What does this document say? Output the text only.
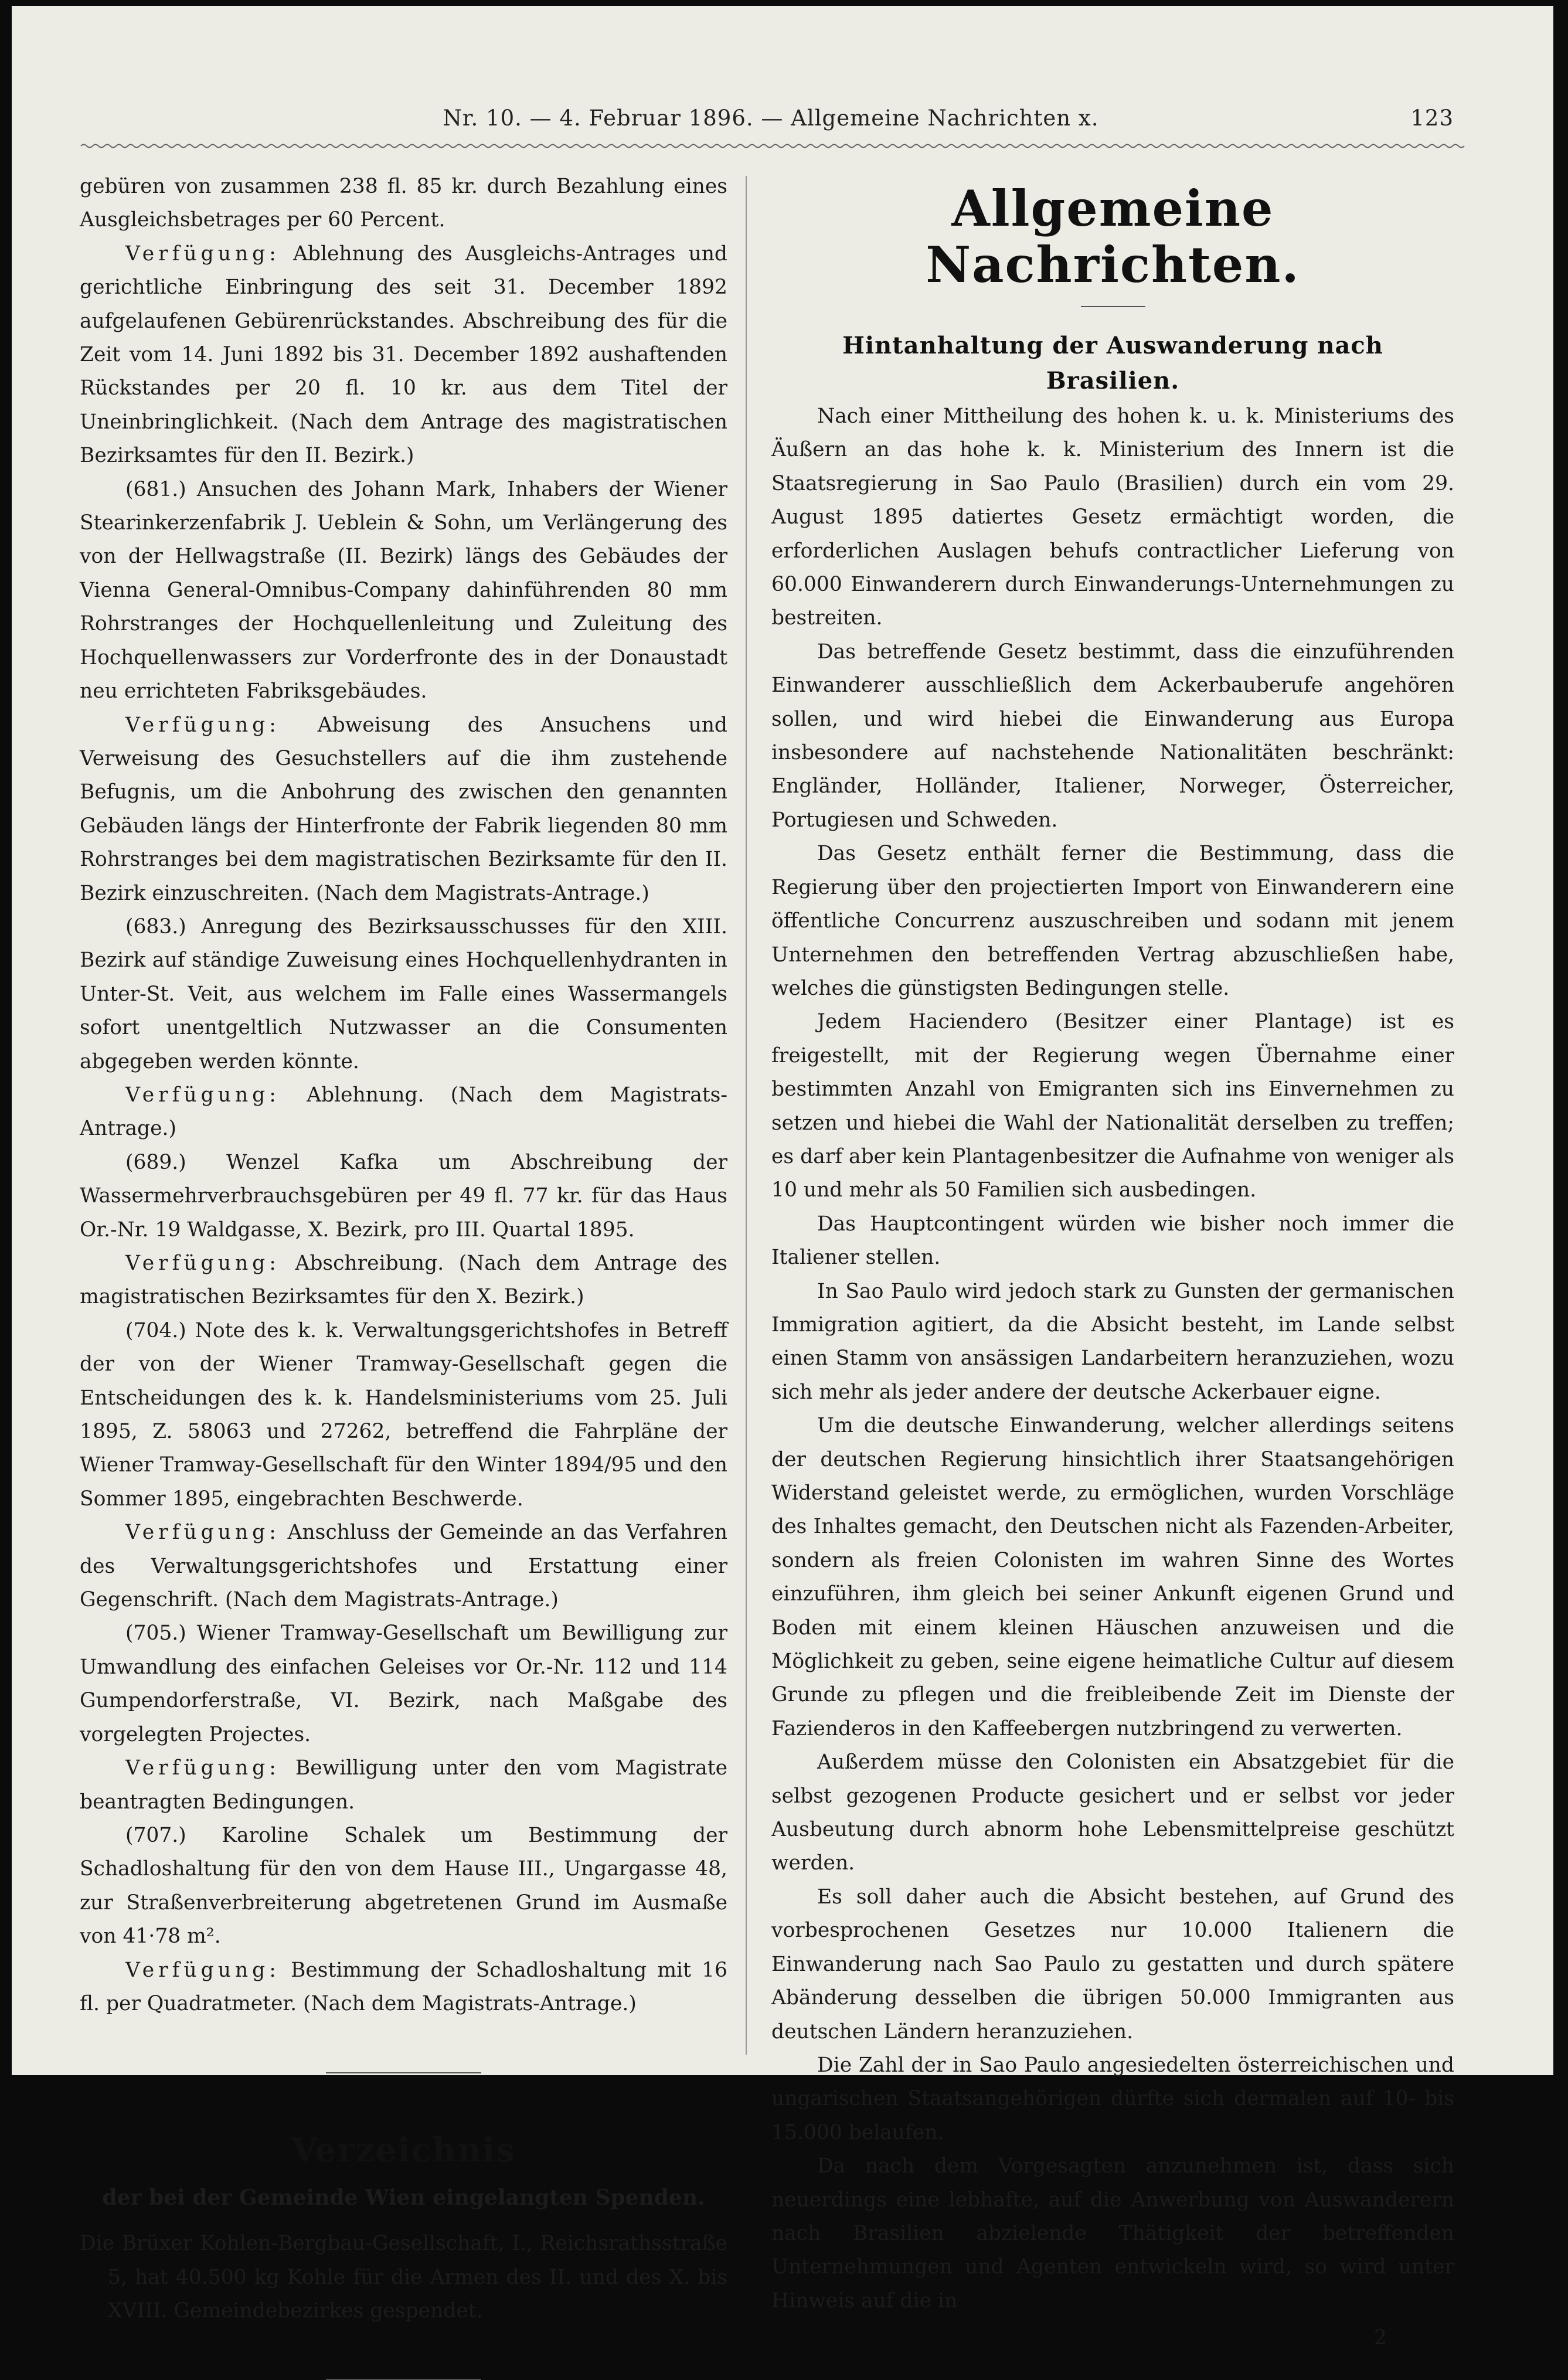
Nr. 10. — 4. Februar 1896. — Allgemeine Nachrichten x.	123

gebüren von zusammen 238 fl. 85 kr. durch Bezahlung eines Ausgleichsbetrages per 60 Percent.

Verfügung: Ablehnung des Ausgleichs-Antrages und gerichtliche Einbringung des seit 31. December 1892 aufgelaufenen Gebürenrückstandes. Abschreibung des für die Zeit vom 14. Juni 1892 bis 31. December 1892 aushaftenden Rückstandes per 20 fl. 10 kr. aus dem Titel der Uneinbringlichkeit. (Nach dem Antrage des magistratischen Bezirksamtes für den II. Bezirk.)

(681.) Ansuchen des Johann Mark, Inhabers der Wiener Stearinkerzenfabrik J. Ueblein & Sohn, um Verlängerung des von der Hellwagstraße (II. Bezirk) längs des Gebäudes der Vienna General-Omnibus-Company dahinführenden 80 mm Rohrstranges der Hochquellenleitung und Zuleitung des Hochquellenwassers zur Vorderfronte des in der Donaustadt neu errichteten Fabriksgebäudes.

Verfügung: Abweisung des Ansuchens und Verweisung des Gesuchstellers auf die ihm zustehende Befugnis, um die Anbohrung des zwischen den genannten Gebäuden längs der Hinterfronte der Fabrik liegenden 80 mm Rohrstranges bei dem magistratischen Bezirksamte für den II. Bezirk einzuschreiten. (Nach dem Magistrats-Antrage.)

(683.) Anregung des Bezirksausschusses für den XIII. Bezirk auf ständige Zuweisung eines Hochquellenhydranten in Unter-St. Veit, aus welchem im Falle eines Wassermangels sofort unentgeltlich Nutzwasser an die Consumenten abgegeben werden könnte.

Verfügung: Ablehnung. (Nach dem Magistrats-Antrage.)

(689.) Wenzel Kafka um Abschreibung der Wassermehrverbrauchsgebüren per 49 fl. 77 kr. für das Haus Or.-Nr. 19 Waldgasse, X. Bezirk, pro III. Quartal 1895.

Verfügung: Abschreibung. (Nach dem Antrage des magistratischen Bezirksamtes für den X. Bezirk.)

(704.) Note des k. k. Verwaltungsgerichtshofes in Betreff der von der Wiener Tramway-Gesellschaft gegen die Entscheidungen des k. k. Handelsministeriums vom 25. Juli 1895, Z. 58063 und 27262, betreffend die Fahrpläne der Wiener Tramway-Gesellschaft für den Winter 1894/95 und den Sommer 1895, eingebrachten Beschwerde.

Verfügung: Anschluss der Gemeinde an das Verfahren des Verwaltungsgerichtshofes und Erstattung einer Gegenschrift. (Nach dem Magistrats-Antrage.)

(705.) Wiener Tramway-Gesellschaft um Bewilligung zur Umwandlung des einfachen Geleises vor Or.-Nr. 112 und 114 Gumpendorferstraße, VI. Bezirk, nach Maßgabe des vorgelegten Projectes.

Verfügung: Bewilligung unter den vom Magistrate beantragten Bedingungen.

(707.) Karoline Schalek um Bestimmung der Schadloshaltung für den von dem Hause III., Ungargasse 48, zur Straßenverbreiterung abgetretenen Grund im Ausmaße von 41·78 m².

Verfügung: Bestimmung der Schadloshaltung mit 16 fl. per Quadratmeter. (Nach dem Magistrats-Antrage.)

Verzeichnis
der bei der Gemeinde Wien eingelangten Spenden.

Die Brüxer Kohlen-Bergbau-Gesellschaft, I., Reichsrathsstraße 5, hat 40.500 kg Kohle für die Armen des II. und des X. bis XVIII. Gemeindebezirkes gespendet.

Allgemeine Nachrichten.
Hintanhaltung der Auswanderung nach Brasilien.

Nach einer Mittheilung des hohen k. u. k. Ministeriums des Äußern an das hohe k. k. Ministerium des Innern ist die Staatsregierung in Sao Paulo (Brasilien) durch ein vom 29. August 1895 datiertes Gesetz ermächtigt worden, die erforderlichen Auslagen behufs contractlicher Lieferung von 60.000 Einwanderern durch Einwanderungs-Unternehmungen zu bestreiten.

Das betreffende Gesetz bestimmt, dass die einzuführenden Einwanderer ausschließlich dem Ackerbauberufe angehören sollen, und wird hiebei die Einwanderung aus Europa insbesondere auf nachstehende Nationalitäten beschränkt: Engländer, Holländer, Italiener, Norweger, Österreicher, Portugiesen und Schweden.

Das Gesetz enthält ferner die Bestimmung, dass die Regierung über den projectierten Import von Einwanderern eine öffentliche Concurrenz auszuschreiben und sodann mit jenem Unternehmen den betreffenden Vertrag abzuschließen habe, welches die günstigsten Bedingungen stelle.

Jedem Haciendero (Besitzer einer Plantage) ist es freigestellt, mit der Regierung wegen Übernahme einer bestimmten Anzahl von Emigranten sich ins Einvernehmen zu setzen und hiebei die Wahl der Nationalität derselben zu treffen; es darf aber kein Plantagenbesitzer die Aufnahme von weniger als 10 und mehr als 50 Familien sich ausbedingen.

Das Hauptcontingent würden wie bisher noch immer die Italiener stellen.

In Sao Paulo wird jedoch stark zu Gunsten der germanischen Immigration agitiert, da die Absicht besteht, im Lande selbst einen Stamm von ansässigen Landarbeitern heranzuziehen, wozu sich mehr als jeder andere der deutsche Ackerbauer eigne.

Um die deutsche Einwanderung, welcher allerdings seitens der deutschen Regierung hinsichtlich ihrer Staatsangehörigen Widerstand geleistet werde, zu ermöglichen, wurden Vorschläge des Inhaltes gemacht, den Deutschen nicht als Fazenden-Arbeiter, sondern als freien Colonisten im wahren Sinne des Wortes einzuführen, ihm gleich bei seiner Ankunft eigenen Grund und Boden mit einem kleinen Häuschen anzuweisen und die Möglichkeit zu geben, seine eigene heimatliche Cultur auf diesem Grunde zu pflegen und die freibleibende Zeit im Dienste der Fazienderos in den Kaffeebergen nutzbringend zu verwerten.

Außerdem müsse den Colonisten ein Absatzgebiet für die selbst gezogenen Producte gesichert und er selbst vor jeder Ausbeutung durch abnorm hohe Lebensmittelpreise geschützt werden.

Es soll daher auch die Absicht bestehen, auf Grund des vorbesprochenen Gesetzes nur 10.000 Italienern die Einwanderung nach Sao Paulo zu gestatten und durch spätere Abänderung desselben die übrigen 50.000 Immigranten aus deutschen Ländern heranzuziehen.

Die Zahl der in Sao Paulo angesiedelten österreichischen und ungarischen Staatsangehörigen dürfte sich dermalen auf 10- bis 15.000 belaufen.

Da nach dem Vorgesagten anzunehmen ist, dass sich neuerdings eine lebhafte, auf die Anwerbung von Auswanderern nach Brasilien abzielende Thätigkeit der betreffenden Unternehmungen und Agenten entwickeln wird, so wird unter Hinweis auf die in

2
